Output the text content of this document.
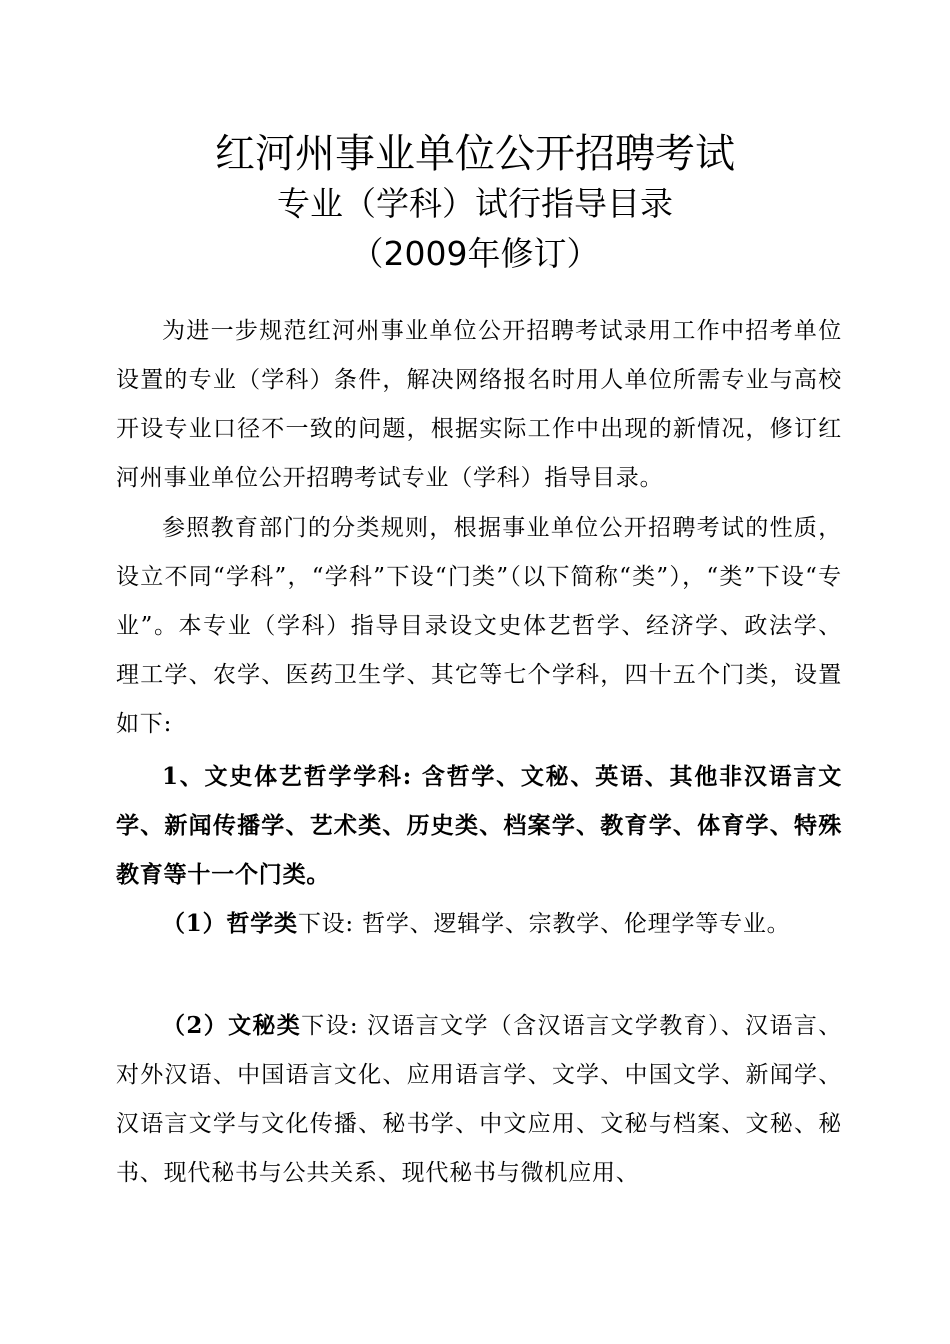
红河州事业单位公开招聘考试
专业（学科）试行指导目录
（2009年修订）

为进一步规范红河州事业单位公开招聘考试录用工作中招考单位设置的专业（学科）条件，解决网络报名时用人单位所需专业与高校开设专业口径不一致的问题，根据实际工作中出现的新情况，修订红河州事业单位公开招聘考试专业（学科）指导目录。

参照教育部门的分类规则，根据事业单位公开招聘考试的性质，设立不同“学科”，“学科”下设“门类”（以下简称“类”），“类”下设“专业”。本专业（学科）指导目录设文史体艺哲学、经济学、政法学、理工学、农学、医药卫生学、其它等七个学科，四十五个门类，设置如下:

1、文史体艺哲学学科: 含哲学、文秘、英语、其他非汉语言文学、新闻传播学、艺术类、历史类、档案学、教育学、体育学、特殊教育等十一个门类。

（1）哲学类下设: 哲学、逻辑学、宗教学、伦理学等专业。

（2）文秘类下设: 汉语言文学（含汉语言文学教育）、汉语言、对外汉语、中国语言文化、应用语言学、文学、中国文学、新闻学、汉语言文学与文化传播、秘书学、中文应用、文秘与档案、文秘、秘书、现代秘书与公共关系、现代秘书与微机应用、
